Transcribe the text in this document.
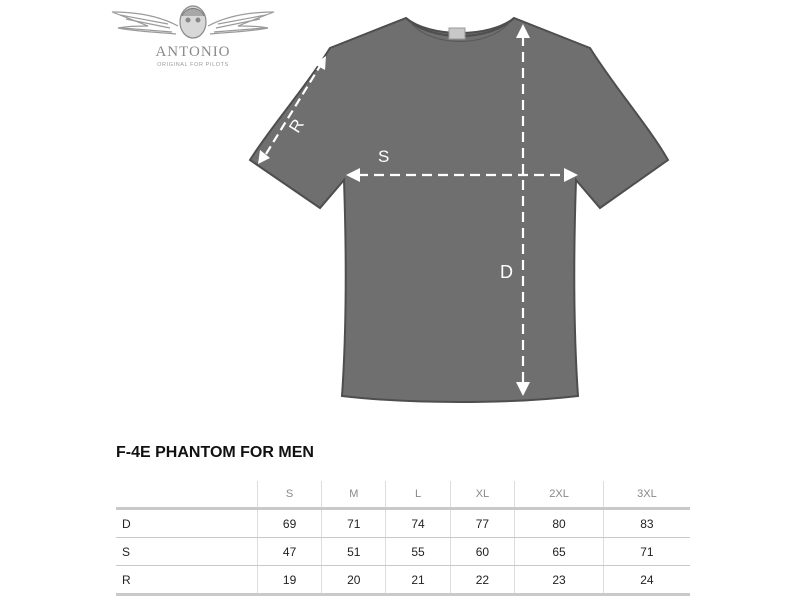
ANTONIO
ORIGINAL FOR PILOTS
R
S
D
F-4E PHANTOM FOR MEN
	S	M	L	XL	2XL	3XL
D	69	71	74	77	80	83
S	47	51	55	60	65	71
R	19	20	21	22	23	24
